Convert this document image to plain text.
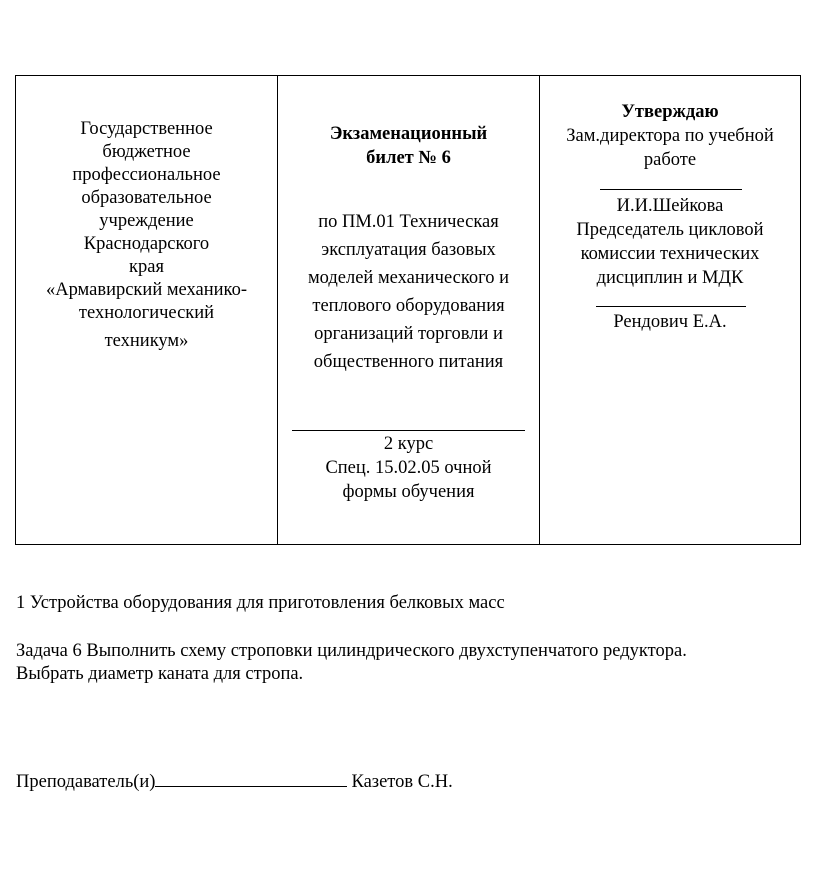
Государственное
бюджетное
профессиональное
образовательное
учреждение
Краснодарского
края
«Армавирский механико-
технологический
техникум»
Экзаменационный
билет № 6
по ПМ.01 Техническая
эксплуатация базовых
моделей механического и
теплового оборудования
организаций торговли и
общественного питания
2 курс
Спец. 15.02.05 очной
формы обучения
Утверждаю
Зам.директора по учебной
работе
И.И.Шейкова
Председатель цикловой
комиссии технических
дисциплин и МДК
Рендович Е.А.
1 Устройства оборудования для приготовления белковых масс
Задача 6 Выполнить схему строповки цилиндрического двухступенчатого редуктора.
Выбрать диаметр каната для стропа.
Преподаватель(и)	Казетов С.Н.
